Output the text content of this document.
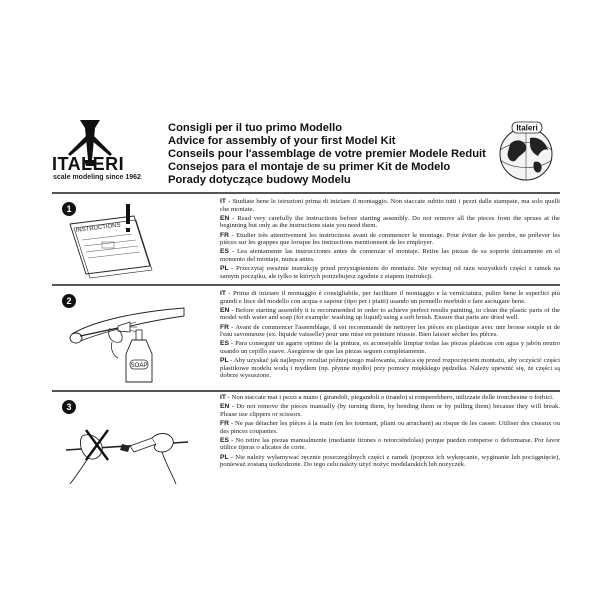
ITALERI
scale modeling since 1962
Consigli per il tuo primo Modello
Advice for assembly of your first Model Kit
Conseils pour l'assemblage de votre premier Modele Reduit
Consejos para el montaje de su primer Kit de Modelo
Porady dotyczące budowy Modelu
Italeri
1
INSTRUCTIONS

IT - Studiate bene le istruzioni prima di iniziare il montaggio. Non staccate subito tutti i pezzi dalle stampate, ma solo quelli che montate.

EN - Read very carefully the instructions before starting assembly. Do not remove all the pieces from the sprues at the beginning but only as the instructions state you need them.

FR - Etudier très attentivement les instructions avant de commencer le montage. Pour éviter de les perdre, ne prélever les pièces sur les grappes que lorsque les instructions mentionnent de les employer.

ES - Lea atentamente las instrucciones antes de comenzar el montaje. Retire las piezas de su soporte únicamente en el momento del montaje, nunca antes.

PL - Przeczytaj uważnie instrukcję przed przystąpieniem do montażu. Nie wycinaj od razu wszystkich części z ramek na samym początku, ale tylko te których potrzebujesz zgodnie z etapem instrukcji.

2
SOAP

IT - Prima di iniziare il montaggio è consigliabile, per facilitare il montaggio e la verniciatura, pulire bene le superfici più grandi e lisce del modello con acqua e sapone (tipo per i piatti) usando un pennello morbido e fare asciugare bene.

EN - Before starting assembly it is recommended in order to achieve perfect results painting, to clean the plastic parts of the model with water and soap (for example: washing up liquid) using a soft brush. Ensure that parts are dried well.

FR - Avant de commencer l'assemblage, il est recommandé de nettoyer les pièces en plastique avec une brosse souple et de l'eau savonneuse (ex. liquide vaisselle) pour une mise en peinture réussie. Bien laisser sécher les pièces.

ES - Para conseguir un agarre optimo de la pintura, es aconsejable limpiar todas las piezas plásticas con agua y jabón neutro usando un cepillo suave. Asegúrese de que las piezas seguen completamente.

PL - Aby uzyskać jak najlepszy rezultat późniejszego malowania, zaleca się przed rozpoczęciem montażu, aby oczyścić części plastikowe modelu wodą i mydłem (np. płynne mydło) przy pomocy miękkiego pędzelka. Należy upewnić się, że części są dobrze wysuszone.

3

IT - Non staccate mai i pezzi a mano ( girandoli, piegandoli o tirando) si romperebbero, utilizzate delle tronchesine o forbici.

EN - Do not remove the pieces manually (by turning them, by bending them or by pulling them) because they will break. Please use clippers or scissors.

FR - Ne pas détacher les pièces à la main (en les tournant, pliant ou arrachant) au risque de les casser. Utiliser des ciseaux ou des pinces coupantes.

ES - No retire las piezas manualmente (mediante tirones o retorciéndolas) porque pueden romperse o deformarse. Por favor utilice tijeras o alicates de corte.

PL - Nie należy wyłamywać ręcznie poszczególnych części z ramek (poprzez ich wykręcanie, wyginanie lub pociągnięcie), ponieważ zostaną uszkodzone. Do tego celu należy użyć nożyc modelarskich lub nożyczek.
